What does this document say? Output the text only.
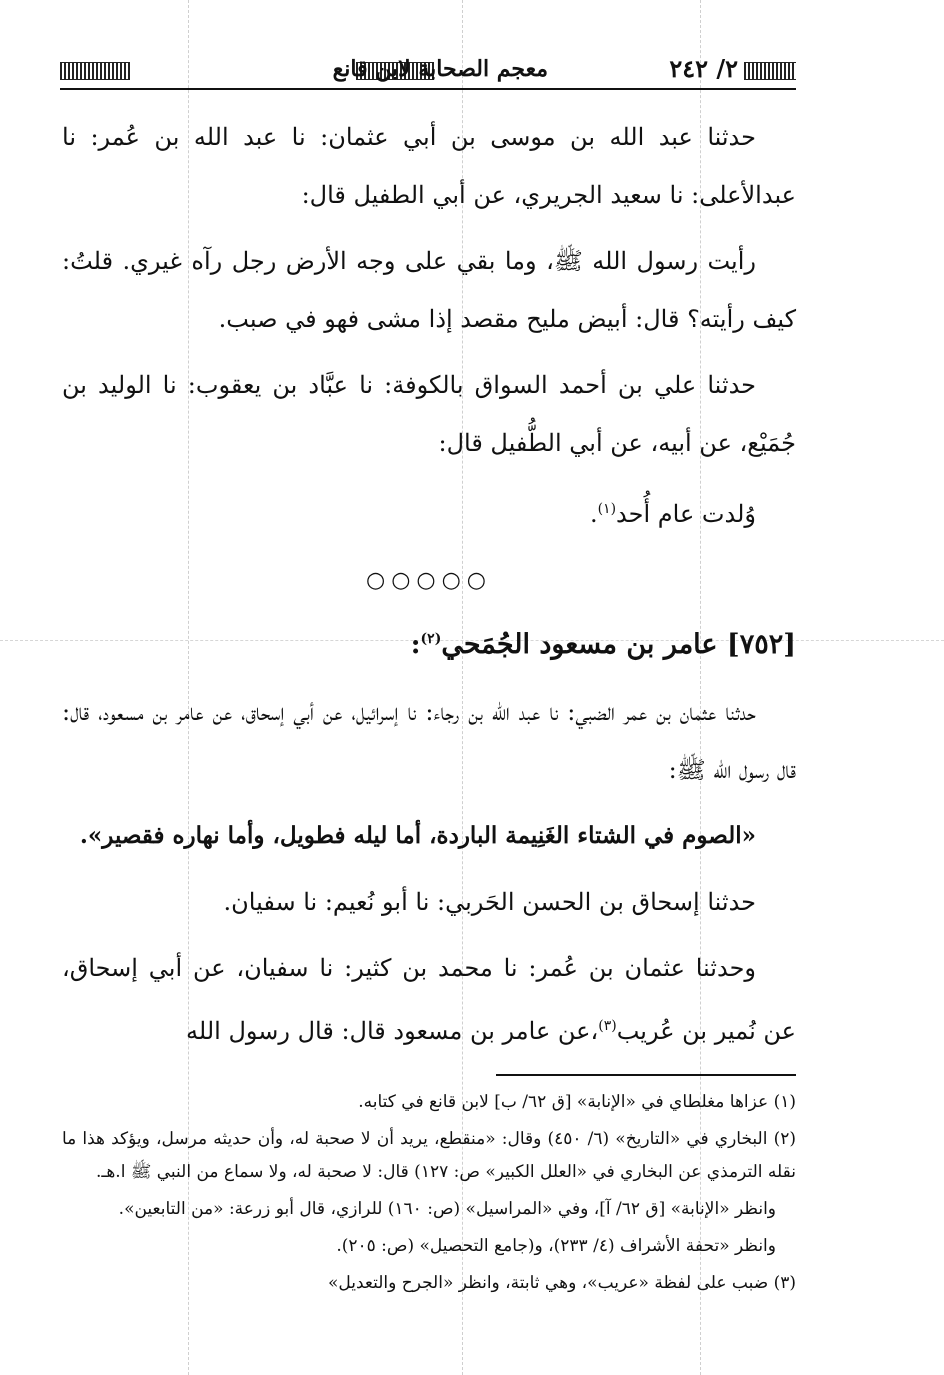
معجم الصحابة لابن قانع	٢/ ٢٤٢

حدثنا عبد الله بن موسى بن أبي عثمان: نا عبد الله بن عُمر: نا عبدالأعلى: نا سعيد الجريري، عن أبي الطفيل قال:

رأيت رسول الله ﷺ، وما بقي على وجه الأرض رجل رآه غيري. قلتُ: كيف رأيته؟ قال: أبيض مليح مقصد إذا مشى فهو في صبب.

حدثنا علي بن أحمد السواق بالكوفة: نا عبَّاد بن يعقوب: نا الوليد بن جُمَيْع، عن أبيه، عن أبي الطُّفيل قال:

وُلدت عام أُحد$^{(١)}$.

○○○○○
[٧٥٢] عامر بن مسعود الجُمَحي$^{(٢)}$:

حدثنا عثمان بن عمر الضبي: نا عبد الله بن رجاء: نا إسرائيل، عن أبي إسحاق، عن عامر بن مسعود، قال: قال رسول الله ﷺ:

«الصوم في الشتاء الغَنِيمة الباردة، أما ليله فطويل، وأما نهاره فقصير».

حدثنا إسحاق بن الحسن الحَربي: نا أبو نُعيم: نا سفيان.

وحدثنا عثمان بن عُمر: نا محمد بن كثير: نا سفيان، عن أبي إسحاق، عن نُمير بن عُريب$^{(٣)}$،عن عامر بن مسعود قال: قال رسول الله

(١) عزاها مغلطاي في «الإنابة» [ق ٦٢/ ب] لابن قانع في كتابه.

(٢) البخاري في «التاريخ» (٦/ ٤٥٠) وقال: «منقطع، يريد أن لا صحبة له، وأن حديثه مرسل، ويؤكد هذا ما نقله الترمذي عن البخاري في «العلل الكبير» ص: ١٢٧) قال: لا صحبة له، ولا سماع من النبي ﷺ ا.هـ.

وانظر «الإنابة» [ق ٦٢/ آ]، وفي «المراسيل» (ص: ١٦٠) للرازي، قال أبو زرعة: «من التابعين».

وانظر «تحفة الأشراف (٤/ ٢٣٣)، و(جامع التحصيل» (ص: ٢٠٥).

(٣) ضبب على لفظة «عريب»، وهي ثابتة، وانظر «الجرح والتعديل»
